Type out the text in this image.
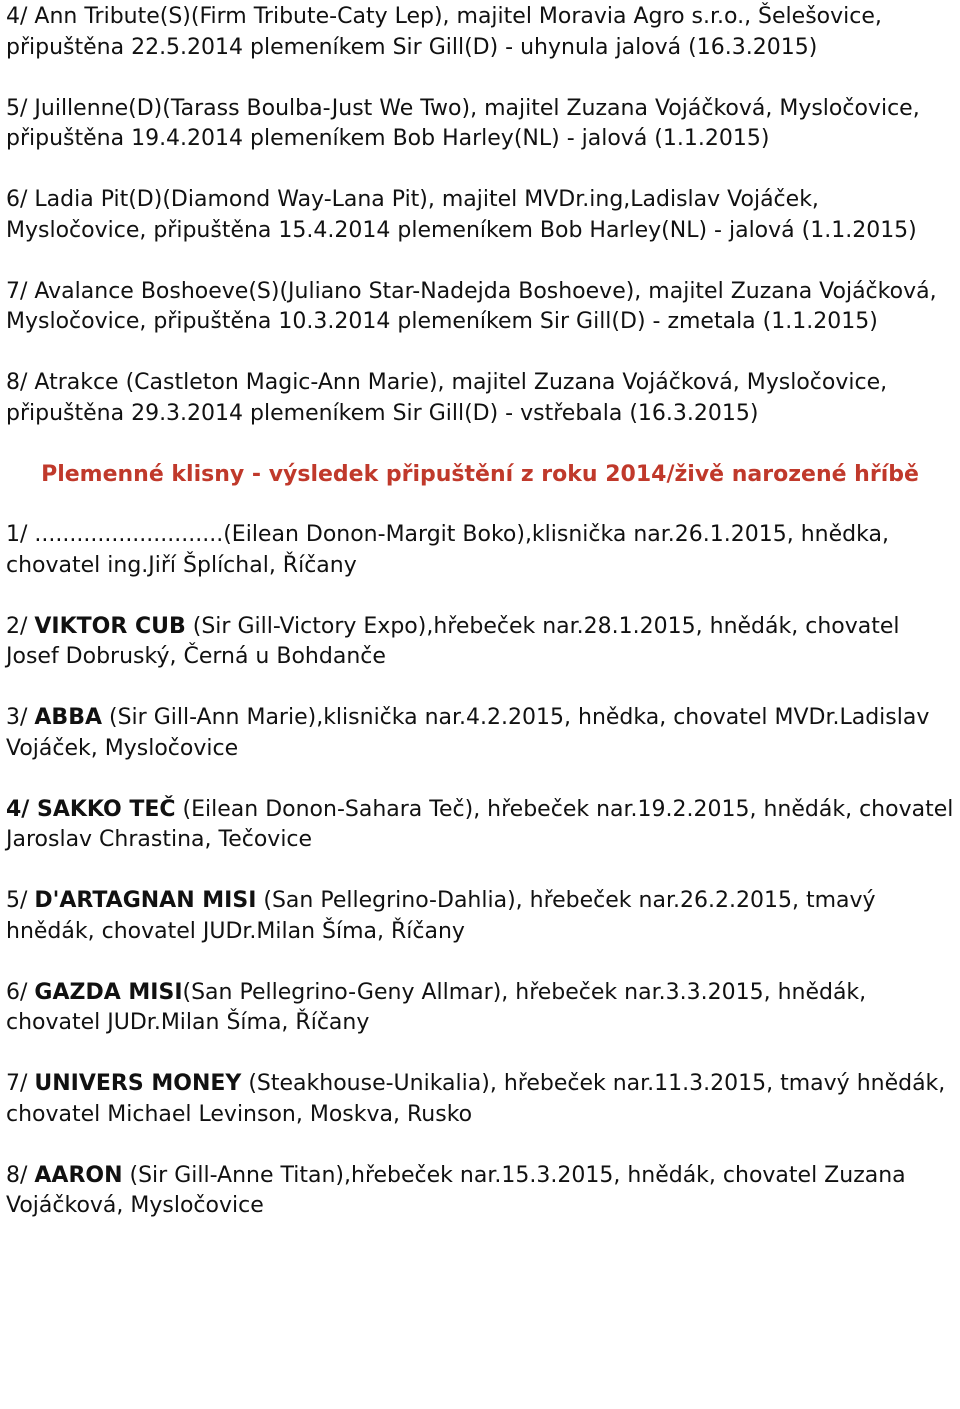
4/ Ann Tribute(S)(Firm Tribute-Caty Lep), majitel Moravia Agro s.r.o., Šelešovice, připuštěna 22.5.2014 plemeníkem Sir Gill(D) - uhynula jalová (16.3.2015)

5/ Juillenne(D)(Tarass Boulba-Just We Two), majitel Zuzana Vojáčková, Mysločovice, připuštěna 19.4.2014 plemeníkem Bob Harley(NL) - jalová (1.1.2015)

6/ Ladia Pit(D)(Diamond Way-Lana Pit), majitel MVDr.ing,Ladislav Vojáček, Mysločovice, připuštěna 15.4.2014 plemeníkem Bob Harley(NL) - jalová (1.1.2015)

7/ Avalance Boshoeve(S)(Juliano Star-Nadejda Boshoeve), majitel Zuzana Vojáčková, Mysločovice, připuštěna 10.3.2014 plemeníkem Sir Gill(D) - zmetala (1.1.2015)

8/ Atrakce (Castleton Magic-Ann Marie), majitel Zuzana Vojáčková, Mysločovice, připuštěna 29.3.2014 plemeníkem Sir Gill(D) - vstřebala (16.3.2015)

Plemenné klisny - výsledek připuštění z roku 2014/živě narozené hříbě

1/ ...........................(Eilean Donon-Margit Boko),klisnička nar.26.1.2015, hnědka, chovatel ing.Jiří Šplíchal, Říčany

2/ VIKTOR CUB (Sir Gill-Victory Expo),hřebeček nar.28.1.2015, hnědák, chovatel Josef Dobruský, Černá u Bohdanče

3/ ABBA (Sir Gill-Ann Marie),klisnička nar.4.2.2015, hnědka, chovatel MVDr.Ladislav Vojáček, Mysločovice

4/ SAKKO TEČ (Eilean Donon-Sahara Teč), hřebeček nar.19.2.2015, hnědák, chovatel Jaroslav Chrastina, Tečovice

5/ D'ARTAGNAN MISI (San Pellegrino-Dahlia), hřebeček nar.26.2.2015, tmavý hnědák, chovatel JUDr.Milan Šíma, Říčany

6/ GAZDA MISI(San Pellegrino-Geny Allmar), hřebeček nar.3.3.2015, hnědák, chovatel JUDr.Milan Šíma, Říčany

7/ UNIVERS MONEY (Steakhouse-Unikalia), hřebeček nar.11.3.2015, tmavý hnědák, chovatel Michael Levinson, Moskva, Rusko

8/ AARON (Sir Gill-Anne Titan),hřebeček nar.15.3.2015, hnědák, chovatel Zuzana Vojáčková, Mysločovice
